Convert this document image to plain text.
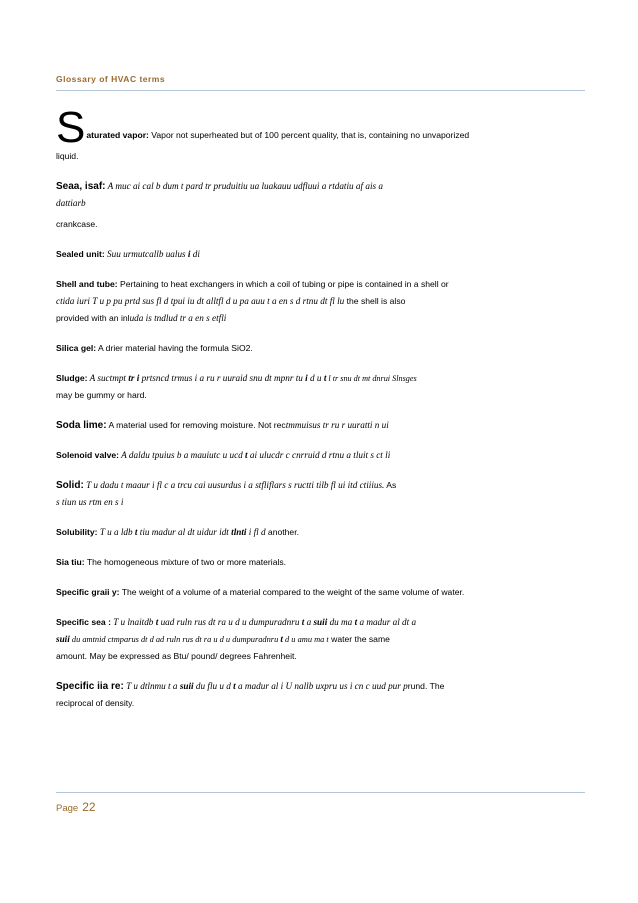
Glossary of HVAC terms
S aturated vapor: Vapor not superheated but of 100 percent quality, that is, containing no unvaporized
liquid.
Seaa, isaf: A muc ai cal b dum t pard tr pruduitiu ua luakauu udfluui a rtdatiu af ais a
dattiarb
crankcase.
Sealed unit: Suu urmutcallb ualus i di
Shell and tube: Pertaining to heat exchangers in which a coil of tubing or pipe is contained in a shell or
ctida iuri T u p pu prtd sus fl d tpui iu dt alltfl d u pa auu t a en s d rtnu dt fl lu the shell is also
provided with an inluda is tndlud tr a en s etfli
Silica gel: A drier material having the formula SiO2.
Sludge: A suctmpt tr i prtsncd trmus i a ru r uuraid snu dt mpnr tu i d u t l tr snu dt mt dnrui Slnsges
may be gummy or hard.
Soda lime: A material used for removing moisture. Not rectmmuisus tr ru r uuratti n ui
Solenoid valve: A daldu tpuius b a mauiutc u ucd t ai ulucdr c cnrruid d rtnu a tluit s ct li
Solid: T u dadu t maaur i fl c a trcu cai uusurdus i a stfliflars s ructti tilb fl ui itd ctiiius. As
s tiun us rtm en s i
Solubility: T u a ldb t tiu madur al dt uidur idt tlnti i fl d another.
Sia tiu: The homogeneous mixture of two or more materials.
Specific graii y: The weight of a volume of a material compared to the weight of the same volume of water.
Specific sea : T u lnaitdb t uad ruln rus dt ra u d u dumpuradnru t a suii du ma t a madur al dt a
suii du amtnid ctmparus dt d ad ruln rus dt ra u d u dumpuradnru t d u amu ma t water the same
amount. May be expressed as Btu/ pound/ degrees Fahrenheit.
Specific iia re: T u dtlnmu t a suii du flu u d t a madur al i U nallb uxpru us i cn c uud pur prund. The
reciprocal of density.
Page 22
